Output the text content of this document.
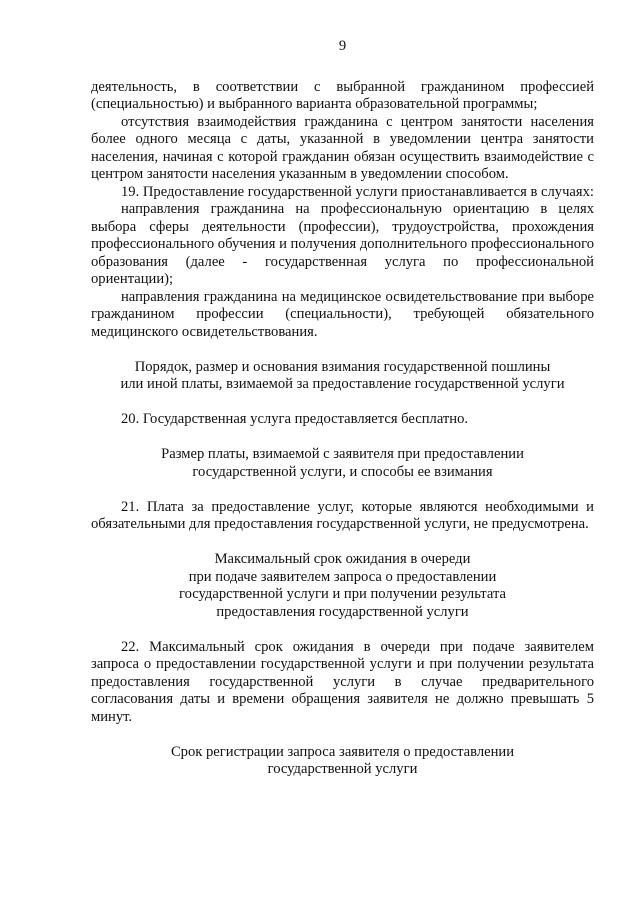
9

деятельность, в соответствии с выбранной гражданином профессией (специальностью) и выбранного варианта образовательной программы;

отсутствия взаимодействия гражданина с центром занятости населения более одного месяца с даты, указанной в уведомлении центра занятости населения, начиная с которой гражданин обязан осуществить взаимодействие с центром занятости населения указанным в уведомлении способом.

19. Предоставление государственной услуги приостанавливается в случаях:

направления гражданина на профессиональную ориентацию в целях выбора сферы деятельности (профессии), трудоустройства, прохождения профессионального обучения и получения дополнительного профессионального образования (далее - государственная услуга по профессиональной ориентации);

направления гражданина на медицинское освидетельствование при выборе гражданином профессии (специальности), требующей обязательного медицинского освидетельствования.

Порядок, размер и основания взимания государственной пошлины

или иной платы, взимаемой за предоставление государственной услуги

20. Государственная услуга предоставляется бесплатно.

Размер платы, взимаемой с заявителя при предоставлении

государственной услуги, и способы ее взимания

21. Плата за предоставление услуг, которые являются необходимыми и обязательными для предоставления государственной услуги, не предусмотрена.

Максимальный срок ожидания в очереди

при подаче заявителем запроса о предоставлении

государственной услуги и при получении результата

предоставления государственной услуги

22. Максимальный срок ожидания в очереди при подаче заявителем запроса о предоставлении государственной услуги и при получении результата предоставления государственной услуги в случае предварительного согласования даты и времени обращения заявителя не должно превышать 5 минут.

Срок регистрации запроса заявителя о предоставлении

государственной услуги
